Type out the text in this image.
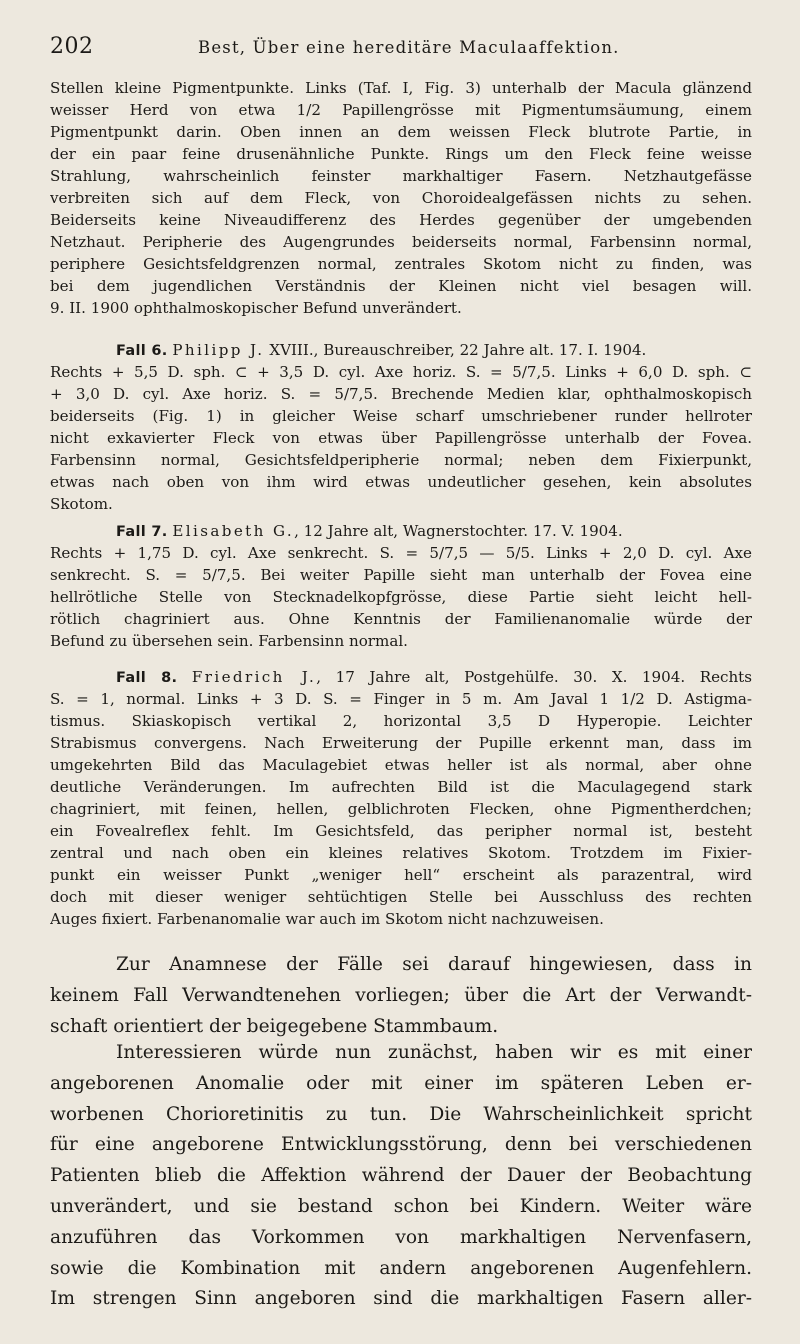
202	Best, Über eine hereditäre Maculaaffektion.
Stellen kleine Pigmentpunkte. Links (Taf. I, Fig. 3) unterhalb der Macula glänzend
weisser Herd von etwa 1/2 Papillengrösse mit Pigmentumsäumung, einem
Pigmentpunkt darin. Oben innen an dem weissen Fleck blutrote Partie, in
der ein paar feine drusenähnliche Punkte. Rings um den Fleck feine weisse
Strahlung, wahrscheinlich feinster markhaltiger Fasern. Netzhautgefässe
verbreiten sich auf dem Fleck, von Choroidealgefässen nichts zu sehen.
Beiderseits keine Niveaudifferenz des Herdes gegenüber der umgebenden
Netzhaut. Peripherie des Augengrundes beiderseits normal, Farbensinn normal,
periphere Gesichtsfeldgrenzen normal, zentrales Skotom nicht zu finden, was
bei dem jugendlichen Verständnis der Kleinen nicht viel besagen will.
9. II. 1900 ophthalmoskopischer Befund unverändert.
Fall 6. Philipp J. XVIII., Bureauschreiber, 22 Jahre alt. 17. I. 1904.
Rechts + 5,5 D. sph. ⊂ + 3,5 D. cyl. Axe horiz. S. = 5/7,5. Links + 6,0 D. sph. ⊂
+ 3,0 D. cyl. Axe horiz. S. = 5/7,5. Brechende Medien klar, ophthalmoskopisch
beiderseits (Fig. 1) in gleicher Weise scharf umschriebener runder hellroter
nicht exkavierter Fleck von etwas über Papillengrösse unterhalb der Fovea.
Farbensinn normal, Gesichtsfeldperipherie normal; neben dem Fixierpunkt,
etwas nach oben von ihm wird etwas undeutlicher gesehen, kein absolutes
Skotom.
Fall 7. Elisabeth G., 12 Jahre alt, Wagnerstochter. 17. V. 1904.
Rechts + 1,75 D. cyl. Axe senkrecht. S. = 5/7,5 — 5/5. Links + 2,0 D. cyl. Axe
senkrecht. S. = 5/7,5. Bei weiter Papille sieht man unterhalb der Fovea eine
hellrötliche Stelle von Stecknadelkopfgrösse, diese Partie sieht leicht hell-
rötlich chagriniert aus. Ohne Kenntnis der Familienanomalie würde der
Befund zu übersehen sein. Farbensinn normal.
Fall 8. Friedrich J., 17 Jahre alt, Postgehülfe. 30. X. 1904. Rechts
S. = 1, normal. Links + 3 D. S. = Finger in 5 m. Am Javal 1 1/2 D. Astigma-
tismus. Skiaskopisch vertikal 2, horizontal 3,5 D Hyperopie. Leichter
Strabismus convergens. Nach Erweiterung der Pupille erkennt man, dass im
umgekehrten Bild das Maculagebiet etwas heller ist als normal, aber ohne
deutliche Veränderungen. Im aufrechten Bild ist die Maculagegend stark
chagriniert, mit feinen, hellen, gelblichroten Flecken, ohne Pigmentherdchen;
ein Fovealreflex fehlt. Im Gesichtsfeld, das peripher normal ist, besteht
zentral und nach oben ein kleines relatives Skotom. Trotzdem im Fixier-
punkt ein weisser Punkt „weniger hell“ erscheint als parazentral, wird
doch mit dieser weniger sehtüchtigen Stelle bei Ausschluss des rechten
Auges fixiert. Farbenanomalie war auch im Skotom nicht nachzuweisen.
Zur Anamnese der Fälle sei darauf hingewiesen, dass in
keinem Fall Verwandtenehen vorliegen; über die Art der Verwandt-
schaft orientiert der beigegebene Stammbaum.
Interessieren würde nun zunächst, haben wir es mit einer
angeborenen Anomalie oder mit einer im späteren Leben er-
worbenen Chorioretinitis zu tun. Die Wahrscheinlichkeit spricht
für eine angeborene Entwicklungsstörung, denn bei verschiedenen
Patienten blieb die Affektion während der Dauer der Beobachtung
unverändert, und sie bestand schon bei Kindern. Weiter wäre
anzuführen das Vorkommen von markhaltigen Nervenfasern,
sowie die Kombination mit andern angeborenen Augenfehlern.
Im strengen Sinn angeboren sind die markhaltigen Fasern aller-
